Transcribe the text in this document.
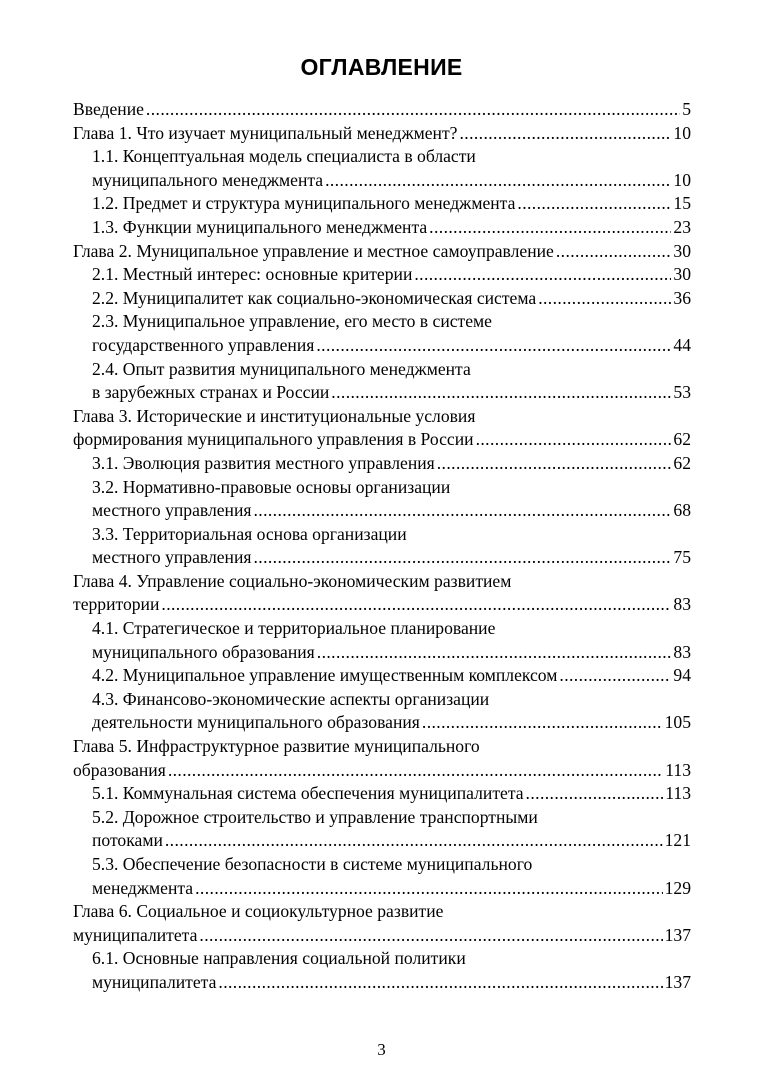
ОГЛАВЛЕНИЕ
Введение .....	5
Глава 1. Что изучает муниципальный менеджмент? .....	10
1.1. Концептуальная модель специалиста в области
муниципального менеджмента .....	10
1.2. Предмет и структура муниципального менеджмента .....	15
1.3. Функции муниципального менеджмента .....	23
Глава 2. Муниципальное управление и местное самоуправление .....	30
2.1. Местный интерес: основные критерии .....	30
2.2. Муниципалитет как социально-экономическая система .....	36
2.3. Муниципальное управление, его место в системе
государственного управления .....	44
2.4. Опыт развития муниципального менеджмента
в зарубежных странах и России .....	53
Глава 3. Исторические и институциональные условия
формирования муниципального управления в России .....	62
3.1. Эволюция развития местного управления .....	62
3.2. Нормативно-правовые основы организации
местного управления .....	68
3.3. Территориальная основа организации
местного управления .....	75
Глава 4. Управление социально-экономическим развитием
территории .....	83
4.1. Стратегическое и территориальное планирование
муниципального образования .....	83
4.2. Муниципальное управление имущественным комплексом .....	94
4.3. Финансово-экономические аспекты организации
деятельности муниципального образования .....	105
Глава 5. Инфраструктурное развитие муниципального
образования .....	113
5.1. Коммунальная система обеспечения муниципалитета .....	113
5.2. Дорожное строительство и управление транспортными
потоками .....	121
5.3. Обеспечение безопасности в системе муниципального
менеджмента .....	129
Глава 6. Социальное и социокультурное развитие
муниципалитета .....	137
6.1. Основные направления социальной политики
муниципалитета .....	137
3
